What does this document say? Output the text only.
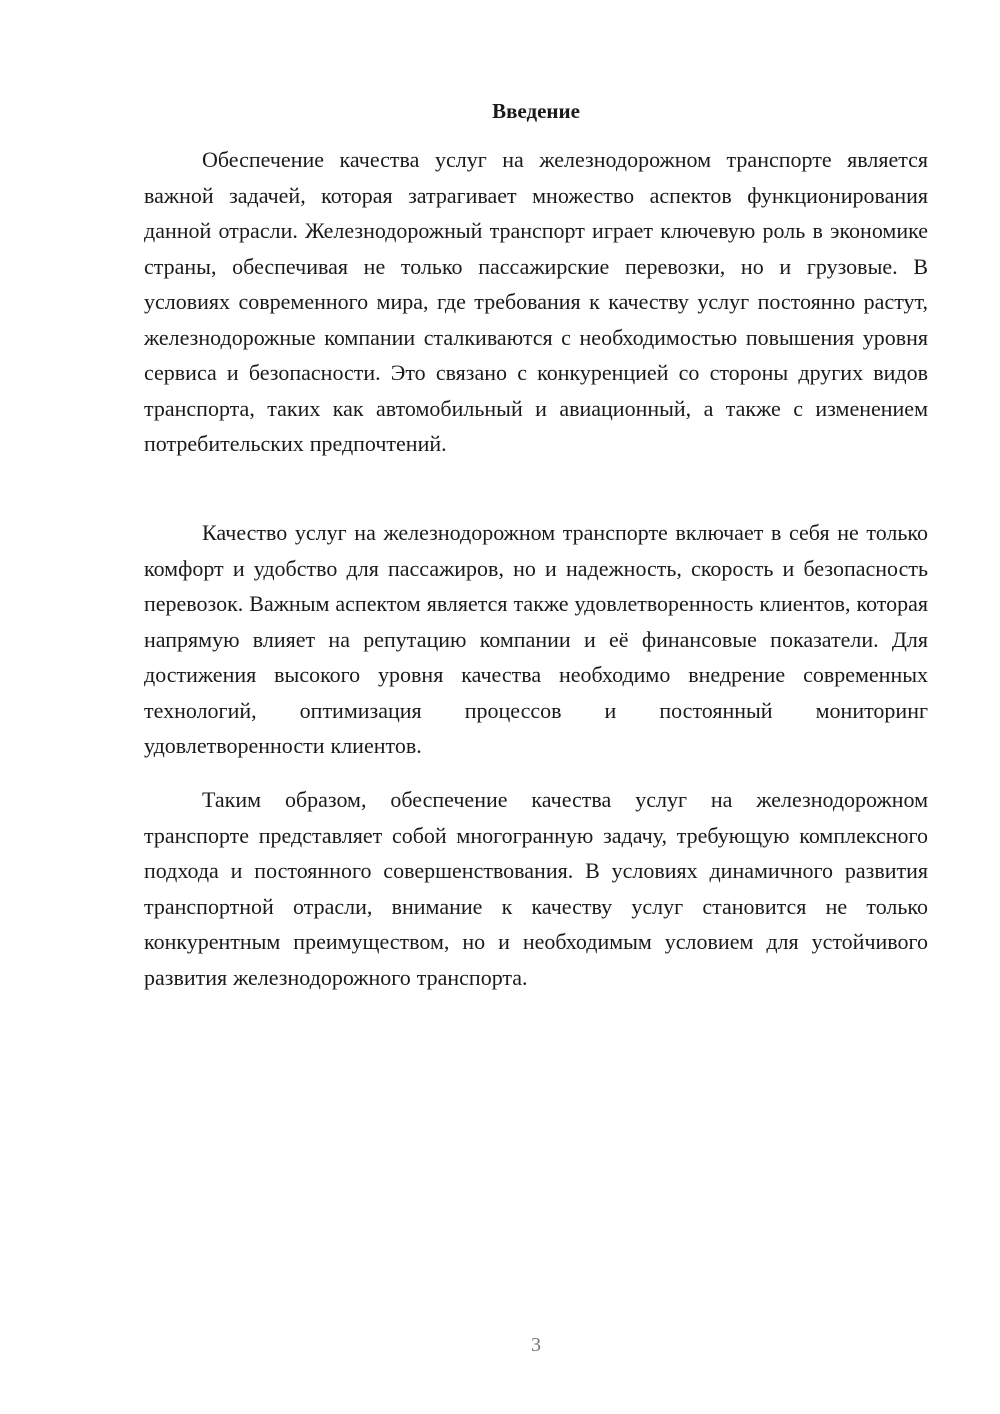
Введение

Обеспечение качества услуг на железнодорожном транспорте является важной задачей, которая затрагивает множество аспектов функционирования данной отрасли. Железнодорожный транспорт играет ключевую роль в экономике страны, обеспечивая не только пассажирские перевозки, но и грузовые. В условиях современного мира, где требования к качеству услуг постоянно растут, железнодорожные компании сталкиваются с необходимостью повышения уровня сервиса и безопасности. Это связано с конкуренцией со стороны других видов транспорта, таких как автомобильный и авиационный, а также с изменением потребительских предпочтений.

Качество услуг на железнодорожном транспорте включает в себя не только комфорт и удобство для пассажиров, но и надежность, скорость и безопасность перевозок. Важным аспектом является также удовлетворенность клиентов, которая напрямую влияет на репутацию компании и её финансовые показатели. Для достижения высокого уровня качества необходимо внедрение современных технологий, оптимизация процессов и постоянный мониторинг удовлетворенности клиентов.

Таким образом, обеспечение качества услуг на железнодорожном транспорте представляет собой многогранную задачу, требующую комплексного подхода и постоянного совершенствования. В условиях динамичного развития транспортной отрасли, внимание к качеству услуг становится не только конкурентным преимуществом, но и необходимым условием для устойчивого развития железнодорожного транспорта.

3
